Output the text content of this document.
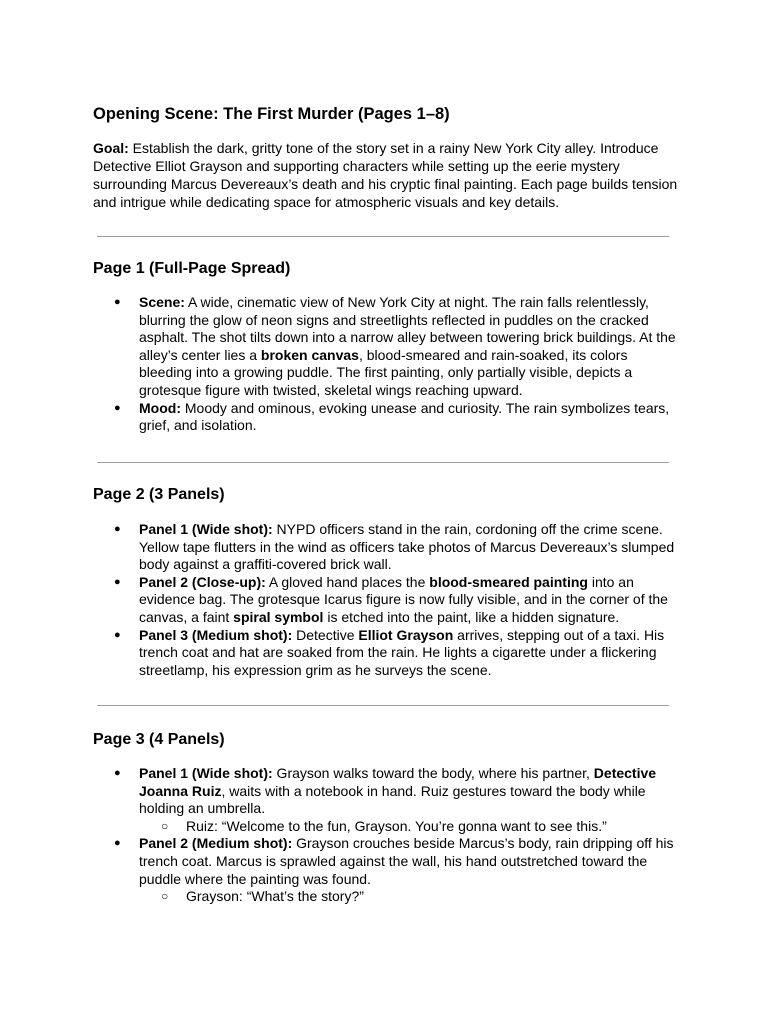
Opening Scene: The First Murder (Pages 1–8)

Goal: Establish the dark, gritty tone of the story set in a rainy New York City alley. Introduce Detective Elliot Grayson and supporting characters while setting up the eerie mystery surrounding Marcus Devereaux’s death and his cryptic final painting. Each page builds tension and intrigue while dedicating space for atmospheric visuals and key details.

Page 1 (Full-Page Spread)
● Scene: A wide, cinematic view of New York City at night. The rain falls relentlessly, blurring the glow of neon signs and streetlights reflected in puddles on the cracked asphalt. The shot tilts down into a narrow alley between towering brick buildings. At the alley’s center lies a broken canvas, blood-smeared and rain-soaked, its colors bleeding into a growing puddle. The first painting, only partially visible, depicts a grotesque figure with twisted, skeletal wings reaching upward.
● Mood: Moody and ominous, evoking unease and curiosity. The rain symbolizes tears, grief, and isolation.
Page 2 (3 Panels)
● Panel 1 (Wide shot): NYPD officers stand in the rain, cordoning off the crime scene. Yellow tape flutters in the wind as officers take photos of Marcus Devereaux’s slumped body against a graffiti-covered brick wall.
● Panel 2 (Close-up): A gloved hand places the blood-smeared painting into an evidence bag. The grotesque Icarus figure is now fully visible, and in the corner of the canvas, a faint spiral symbol is etched into the paint, like a hidden signature.
● Panel 3 (Medium shot): Detective Elliot Grayson arrives, stepping out of a taxi. His trench coat and hat are soaked from the rain. He lights a cigarette under a flickering streetlamp, his expression grim as he surveys the scene.
Page 3 (4 Panels)
● Panel 1 (Wide shot): Grayson walks toward the body, where his partner, Detective Joanna Ruiz, waits with a notebook in hand. Ruiz gestures toward the body while holding an umbrella.
○ Ruiz: “Welcome to the fun, Grayson. You’re gonna want to see this.”
● Panel 2 (Medium shot): Grayson crouches beside Marcus’s body, rain dripping off his trench coat. Marcus is sprawled against the wall, his hand outstretched toward the puddle where the painting was found.
○ Grayson: “What’s the story?”
